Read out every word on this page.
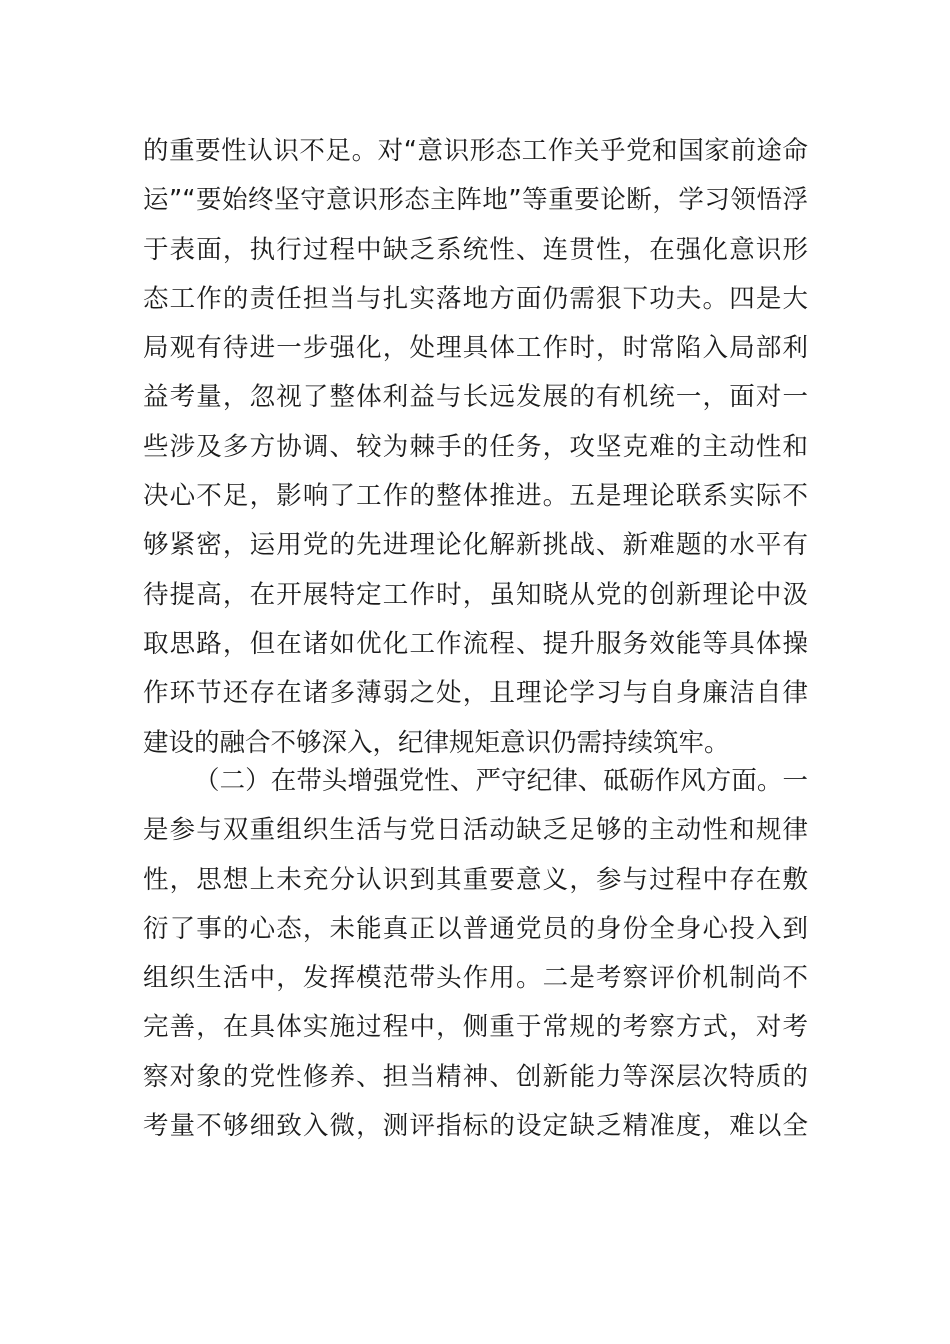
的重要性认识不足。对“意识形态工作关乎党和国家前途命
运”“要始终坚守意识形态主阵地”等重要论断，学习领悟浮
于表面，执行过程中缺乏系统性、连贯性，在强化意识形
态工作的责任担当与扎实落地方面仍需狠下功夫。四是大
局观有待进一步强化，处理具体工作时，时常陷入局部利
益考量，忽视了整体利益与长远发展的有机统一，面对一
些涉及多方协调、较为棘手的任务，攻坚克难的主动性和
决心不足，影响了工作的整体推进。五是理论联系实际不
够紧密，运用党的先进理论化解新挑战、新难题的水平有
待提高，在开展特定工作时，虽知晓从党的创新理论中汲
取思路，但在诸如优化工作流程、提升服务效能等具体操
作环节还存在诸多薄弱之处，且理论学习与自身廉洁自律
建设的融合不够深入，纪律规矩意识仍需持续筑牢。
（二）在带头增强党性、严守纪律、砥砺作风方面。一
是参与双重组织生活与党日活动缺乏足够的主动性和规律
性，思想上未充分认识到其重要意义，参与过程中存在敷
衍了事的心态，未能真正以普通党员的身份全身心投入到
组织生活中，发挥模范带头作用。二是考察评价机制尚不
完善，在具体实施过程中，侧重于常规的考察方式，对考
察对象的党性修养、担当精神、创新能力等深层次特质的
考量不够细致入微，测评指标的设定缺乏精准度，难以全
